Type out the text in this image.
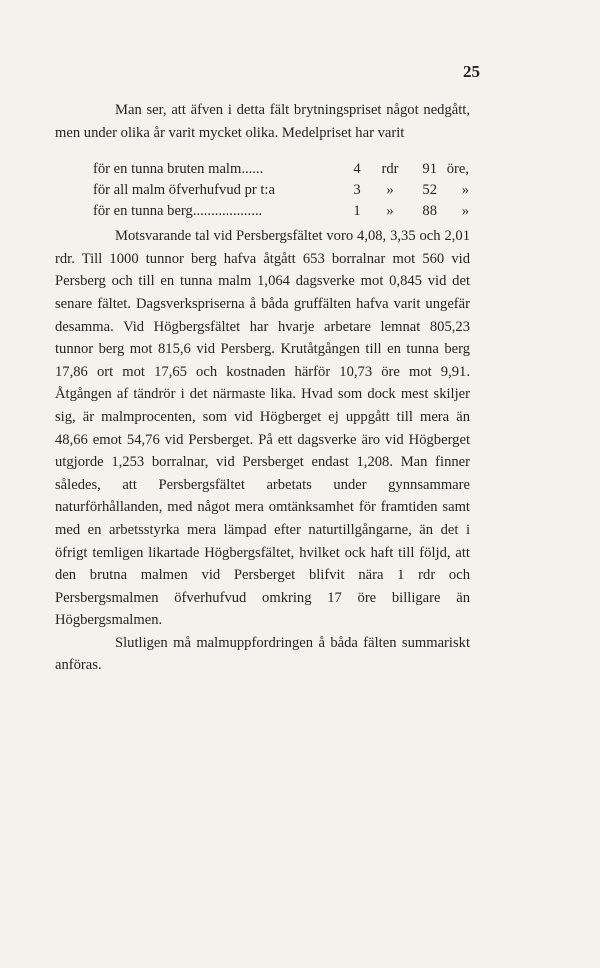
25

Man ser, att äfven i detta fält brytningspriset något nedgått, men under olika år varit mycket olika. Medelpriset har varit

för en tunna bruten malm......	4	rdr	91 öre,
för all malm öfverhufvud pr t:a	3	»	52	»
för en tunna berg...................	1	»	88	»

Motsvarande tal vid Persbergsfältet voro 4,08, 3,35 och 2,01 rdr. Till 1000 tunnor berg hafva åtgått 653 borralnar mot 560 vid Persberg och till en tunna malm 1,064 dagsverke mot 0,845 vid det senare fältet. Dagsverkspriserna å båda gruffälten hafva varit ungefär desamma. Vid Högbergsfältet har hvarje arbetare lemnat 805,23 tunnor berg mot 815,6 vid Persberg. Krutåtgången till en tunna berg 17,86 ort mot 17,65 och kostnaden härför 10,73 öre mot 9,91. Åtgången af tändrör i det närmaste lika. Hvad som dock mest skiljer sig, är malmprocenten, som vid Högberget ej uppgått till mera än 48,66 emot 54,76 vid Persberget. På ett dagsverke äro vid Högberget utgjorde 1,253 borralnar, vid Persberget endast 1,208. Man finner således, att Persbergsfältet arbetats under gynnsammare naturförhållanden, med något mera omtänksamhet för framtiden samt med en arbetsstyrka mera lämpad efter naturtillgångarne, än det i öfrigt temligen likartade Högbergsfältet, hvilket ock haft till följd, att den brutna malmen vid Persberget blifvit nära 1 rdr och Persbergsmalmen öfverhufvud omkring 17 öre billigare än Högbergsmalmen.

Slutligen må malmuppfordringen å båda fälten summariskt anföras.
